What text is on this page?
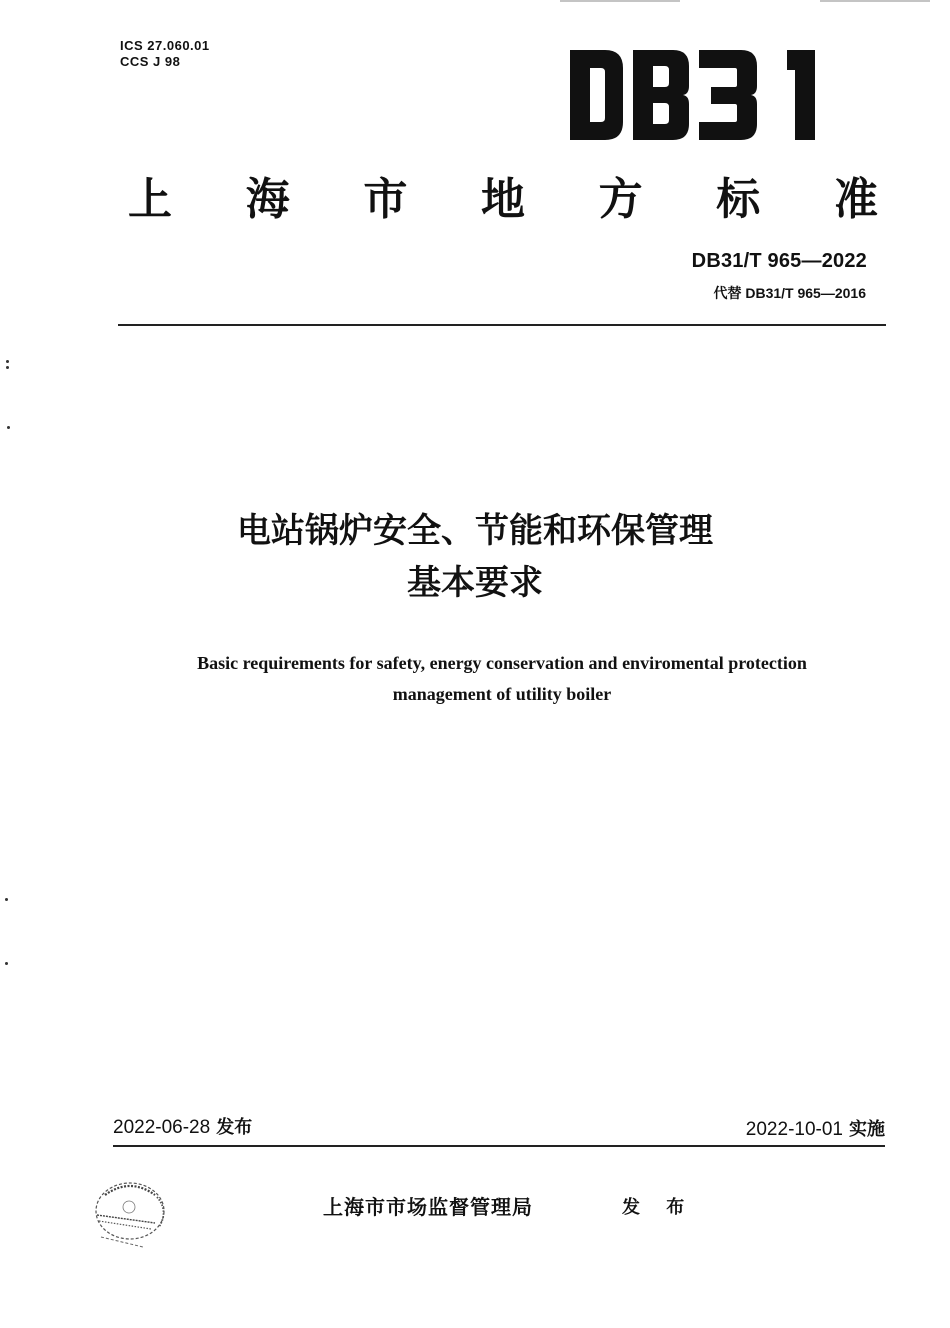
ICS 27.060.01
CCS J 98
上 海 市 地 方 标 准
DB31/T 965—2022
代替 DB31/T 965—2016
电站锅炉安全、节能和环保管理
基本要求
Basic requirements for safety, energy conservation and enviromental protection
management of utility boiler
2022-06-28 发布	2022-10-01 实施
上海市市场监督管理局	发 布
